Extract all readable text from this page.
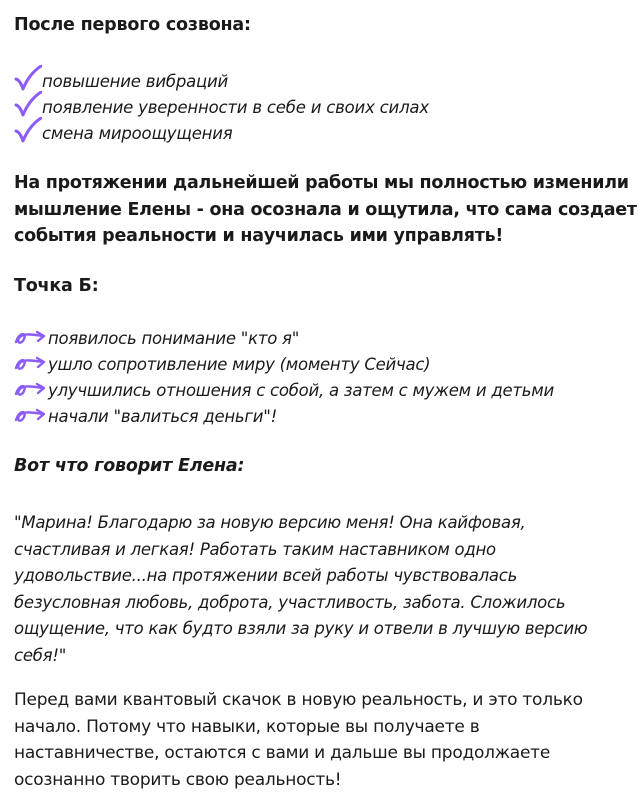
После первого созвона:
повышение вибраций
появление уверенности в себе и своих силах
смена мироощущения
На протяжении дальнейшей работы мы полностью изменили
мышление Елены - она осознала и ощутила, что сама создает
события реальности и научилась ими управлять!
Точка Б:
появилось понимание "кто я"
ушло сопротивление миру (моменту Сейчас)
улучшились отношения с собой, а затем с мужем и детьми
начали "валиться деньги"!
Вот что говорит Елена:
"Марина! Благодарю за новую версию меня! Она кайфовая,
счастливая и легкая! Работать таким наставником одно
удовольствие...на протяжении всей работы чувствовалась
безусловная любовь, доброта, участливость, забота. Сложилось
ощущение, что как будто взяли за руку и отвели в лучшую версию
себя!"
Перед вами квантовый скачок в новую реальность, и это только
начало. Потому что навыки, которые вы получаете в
наставничестве, остаются с вами и дальше вы продолжаете
осознанно творить свою реальность!
